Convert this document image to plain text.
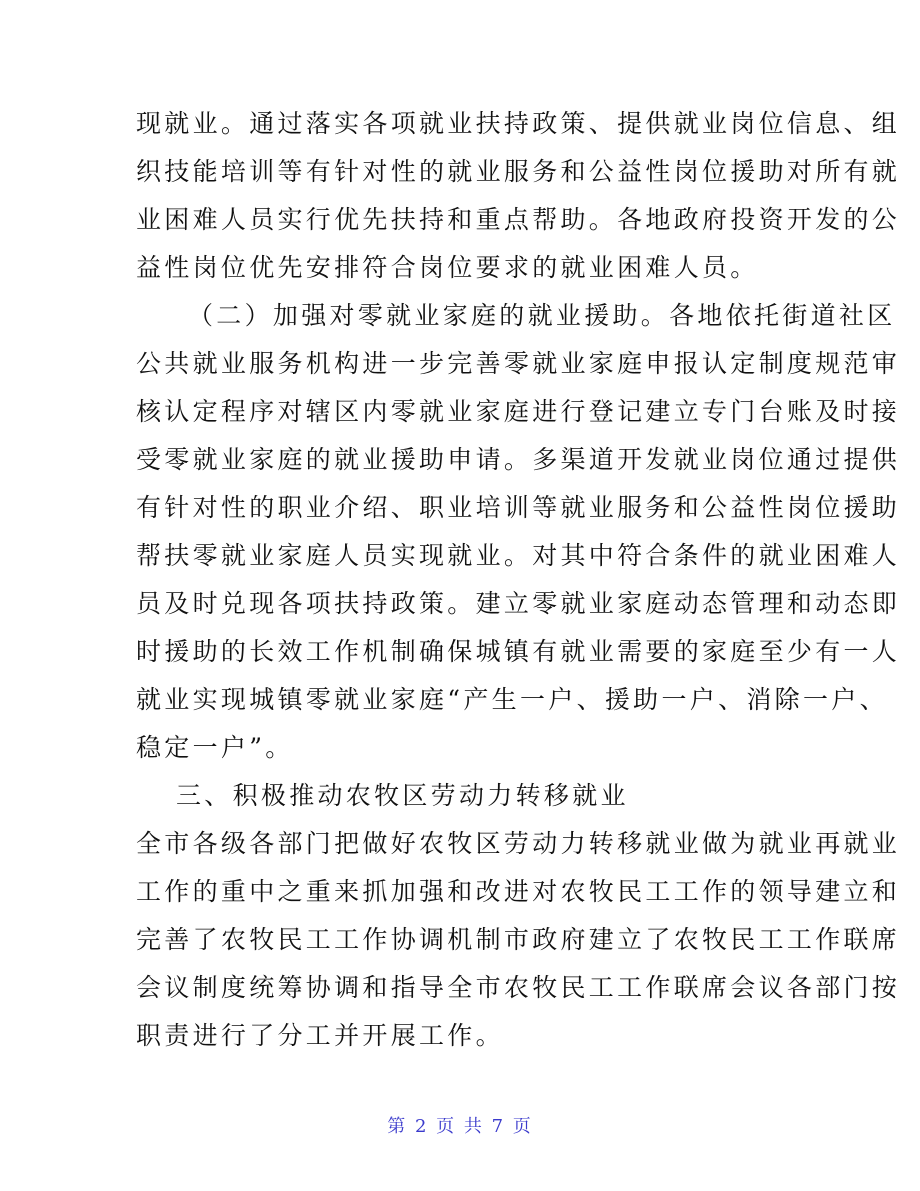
现就业。通过落实各项就业扶持政策、提供就业岗位信息、组

织技能培训等有针对性的就业服务和公益性岗位援助对所有就

业困难人员实行优先扶持和重点帮助。各地政府投资开发的公

益性岗位优先安排符合岗位要求的就业困难人员。

（二）加强对零就业家庭的就业援助。各地依托街道社区

公共就业服务机构进一步完善零就业家庭申报认定制度规范审

核认定程序对辖区内零就业家庭进行登记建立专门台账及时接

受零就业家庭的就业援助申请。多渠道开发就业岗位通过提供

有针对性的职业介绍、职业培训等就业服务和公益性岗位援助

帮扶零就业家庭人员实现就业。对其中符合条件的就业困难人

员及时兑现各项扶持政策。建立零就业家庭动态管理和动态即

时援助的长效工作机制确保城镇有就业需要的家庭至少有一人

就业实现城镇零就业家庭“产生一户、援助一户、消除一户、

稳定一户”。

三、积极推动农牧区劳动力转移就业

全市各级各部门把做好农牧区劳动力转移就业做为就业再就业

工作的重中之重来抓加强和改进对农牧民工工作的领导建立和

完善了农牧民工工作协调机制市政府建立了农牧民工工作联席

会议制度统筹协调和指导全市农牧民工工作联席会议各部门按

职责进行了分工并开展工作。

第 2 页 共 7 页
